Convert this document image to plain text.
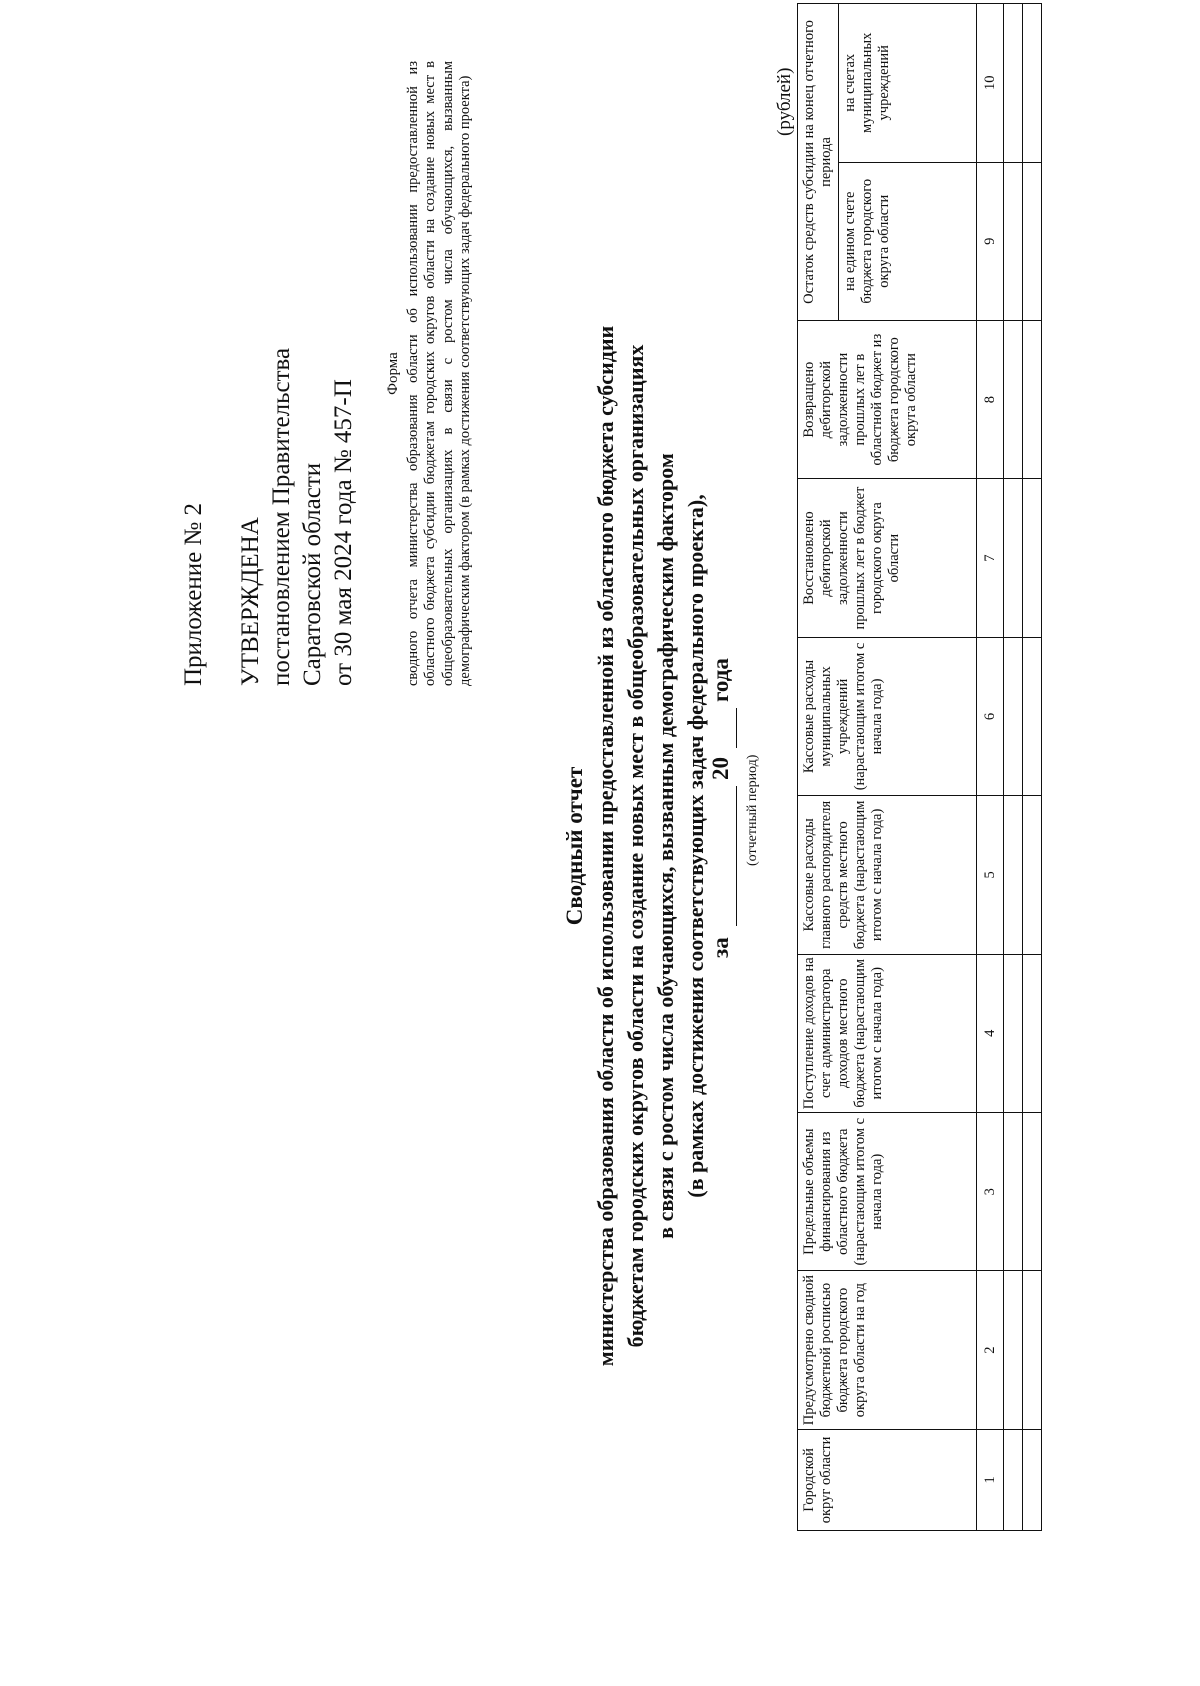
Приложение № 2 УТВЕРЖДЕНА постановлением Правительства Саратовской области от 30 мая 2024 года № 457-П
Форма сводного отчета министерства образования области об использовании предоставленной из областного бюджета субсидии бюджетам городских округов области на создание новых мест в общеобразовательных организациях в связи с ростом числа обучающихся, вызванным демографическим фактором (в рамках достижения соответствующих задач федерального проекта)
Сводный отчет министерства образования области об использовании предоставленной из областного бюджета субсидии бюджетам городских округов области на создание новых мест в общеобразовательных организациях в связи с ростом числа обучающихся, вызванным демографическим фактором (в рамках достижения соответствующих задач федерального проекта), за
20
года
(отчетный период)
(рублей)
Городской округ области	Предусмотрено сводной бюджетной росписью бюджета городского округа области на год	Предельные объемы финансирования из областного бюджета (нарастающим итогом с начала года)	Поступление доходов на счет администратора доходов местного бюджета (нарастающим итогом с начала года)	Кассовые расходы главного распорядителя средств местного бюджета (нарастающим итогом с начала года)	Кассовые расходы муниципальных учреждений (нарастающим итогом с начала года)	Восстановлено дебиторской задолженности прошлых лет в бюджет городского округа области	Возвращено дебиторской задолженности прошлых лет в областной бюджет из бюджета городского округа области	Остаток средств субсидии на конец отчетного периода	
								на едином счете бюджета городского округа области	на счетах муниципальных учреждений
1	2	3	4	5	6	7	8	9	10
